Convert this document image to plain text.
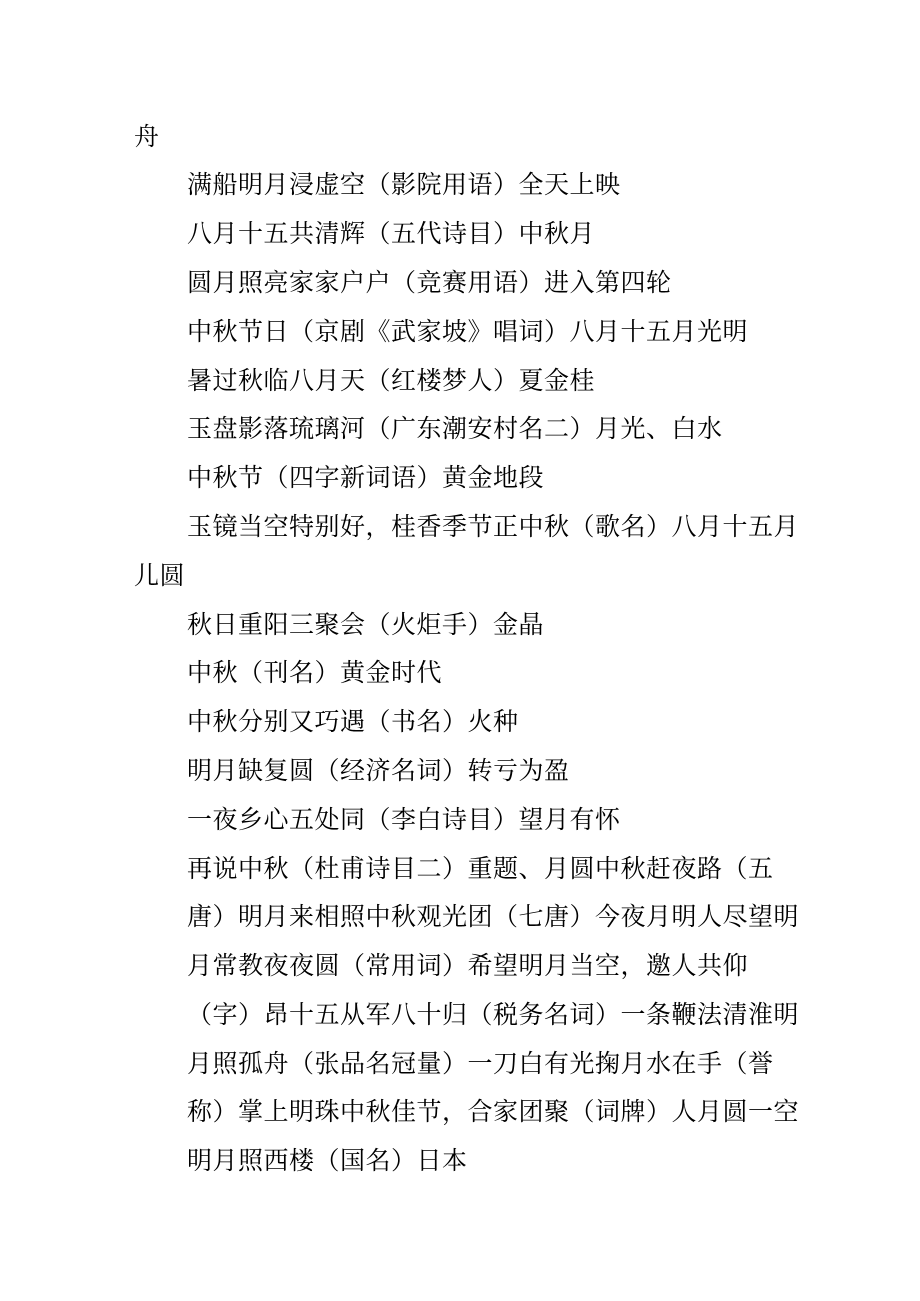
舟
满船明月浸虚空（影院用语）全天上映
八月十五共清辉（五代诗目）中秋月
圆月照亮家家户户（竞赛用语）进入第四轮
中秋节日（京剧《武家坡》唱词）八月十五月光明
暑过秋临八月天（红楼梦人）夏金桂
玉盘影落琉璃河（广东潮安村名二）月光、白水
中秋节（四字新词语）黄金地段
玉镜当空特别好，桂香季节正中秋（歌名）八月十五月
儿圆
秋日重阳三聚会（火炬手）金晶
中秋（刊名）黄金时代
中秋分别又巧遇（书名）火种
明月缺复圆（经济名词）转亏为盈
一夜乡心五处同（李白诗目）望月有怀
再说中秋（杜甫诗目二）重题、月圆中秋赶夜路（五
唐）明月来相照中秋观光团（七唐）今夜月明人尽望明
月常教夜夜圆（常用词）希望明月当空，邀人共仰
（字）昂十五从军八十归（税务名词）一条鞭法清淮明
月照孤舟（张品名冠量）一刀白有光掬月水在手（誉
称）掌上明珠中秋佳节，合家团聚（词牌）人月圆一空
明月照西楼（国名）日本
